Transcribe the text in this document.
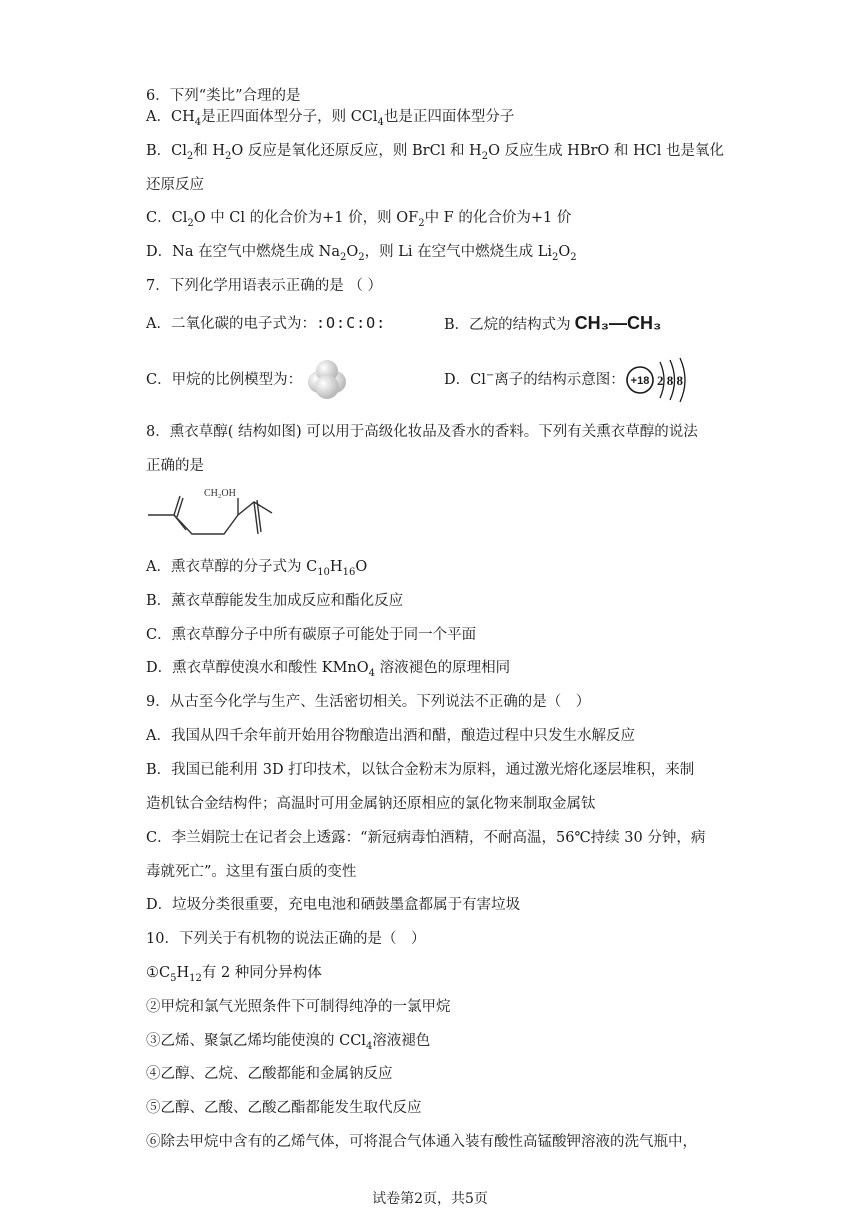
6．下列“类比”合理的是
A．$CH_4$是正四面体型分子，则 CCl$_4$也是正四面体型分子
B．$Cl_2$和 $H_2O$ 反应是氧化还原反应，则 BrCl 和 $H_2O$ 反应生成 HBrO 和 HCl 也是氧化
还原反应
C．$Cl_2O$ 中 Cl 的化合价为+1 价，则 $OF_2$中 F 的化合价为+1 价
D．Na 在空气中燃烧生成 $Na_2O_2$，则 Li 在空气中燃烧生成 $Li_2O_2$
7．下列化学用语表示正确的是 （ ）
A．二氧化碳的电子式为：:O:C:O:	B．乙烷的结构式为 CH₃—CH₃
C．甲烷的比例模型为：	D．Cl−离子的结构示意图： +18 2 8 8
8．熏衣草醇( 结构如图) 可以用于高级化妆品及香水的香料。下列有关熏衣草醇的说法
正确的是
CH₂OH
A．熏衣草醇的分子式为 $C_{10}H_{16}O$
B．薰衣草醇能发生加成反应和酯化反应
C．熏衣草醇分子中所有碳原子可能处于同一个平面
D．熏衣草醇使溴水和酸性 KMnO$_4$ 溶液褪色的原理相同
9．从古至今化学与生产、生活密切相关。下列说法不正确的是（　）
A．我国从四千余年前开始用谷物酿造出酒和醋，酿造过程中只发生水解反应
B．我国已能利用 3D 打印技术，以钛合金粉末为原料，通过激光熔化逐层堆积，来制
造机钛合金结构件；高温时可用金属钠还原相应的氯化物来制取金属钛
C．李兰娟院士在记者会上透露：“新冠病毒怕酒精，不耐高温，56℃持续 30 分钟，病
毒就死亡”。这里有蛋白质的变性
D．垃圾分类很重要，充电电池和硒鼓墨盒都属于有害垃圾
10．下列关于有机物的说法正确的是（　）
$①C_5H_{12}$有 2 种同分异构体
②甲烷和氯气光照条件下可制得纯净的一氯甲烷
③乙烯、聚氯乙烯均能使溴的 CCl$_4$溶液褪色
④乙醇、乙烷、乙酸都能和金属钠反应
⑤乙醇、乙酸、乙酸乙酯都能发生取代反应
⑥除去甲烷中含有的乙烯气体，可将混合气体通入装有酸性高锰酸钾溶液的洗气瓶中，
试卷第2页，共5页
